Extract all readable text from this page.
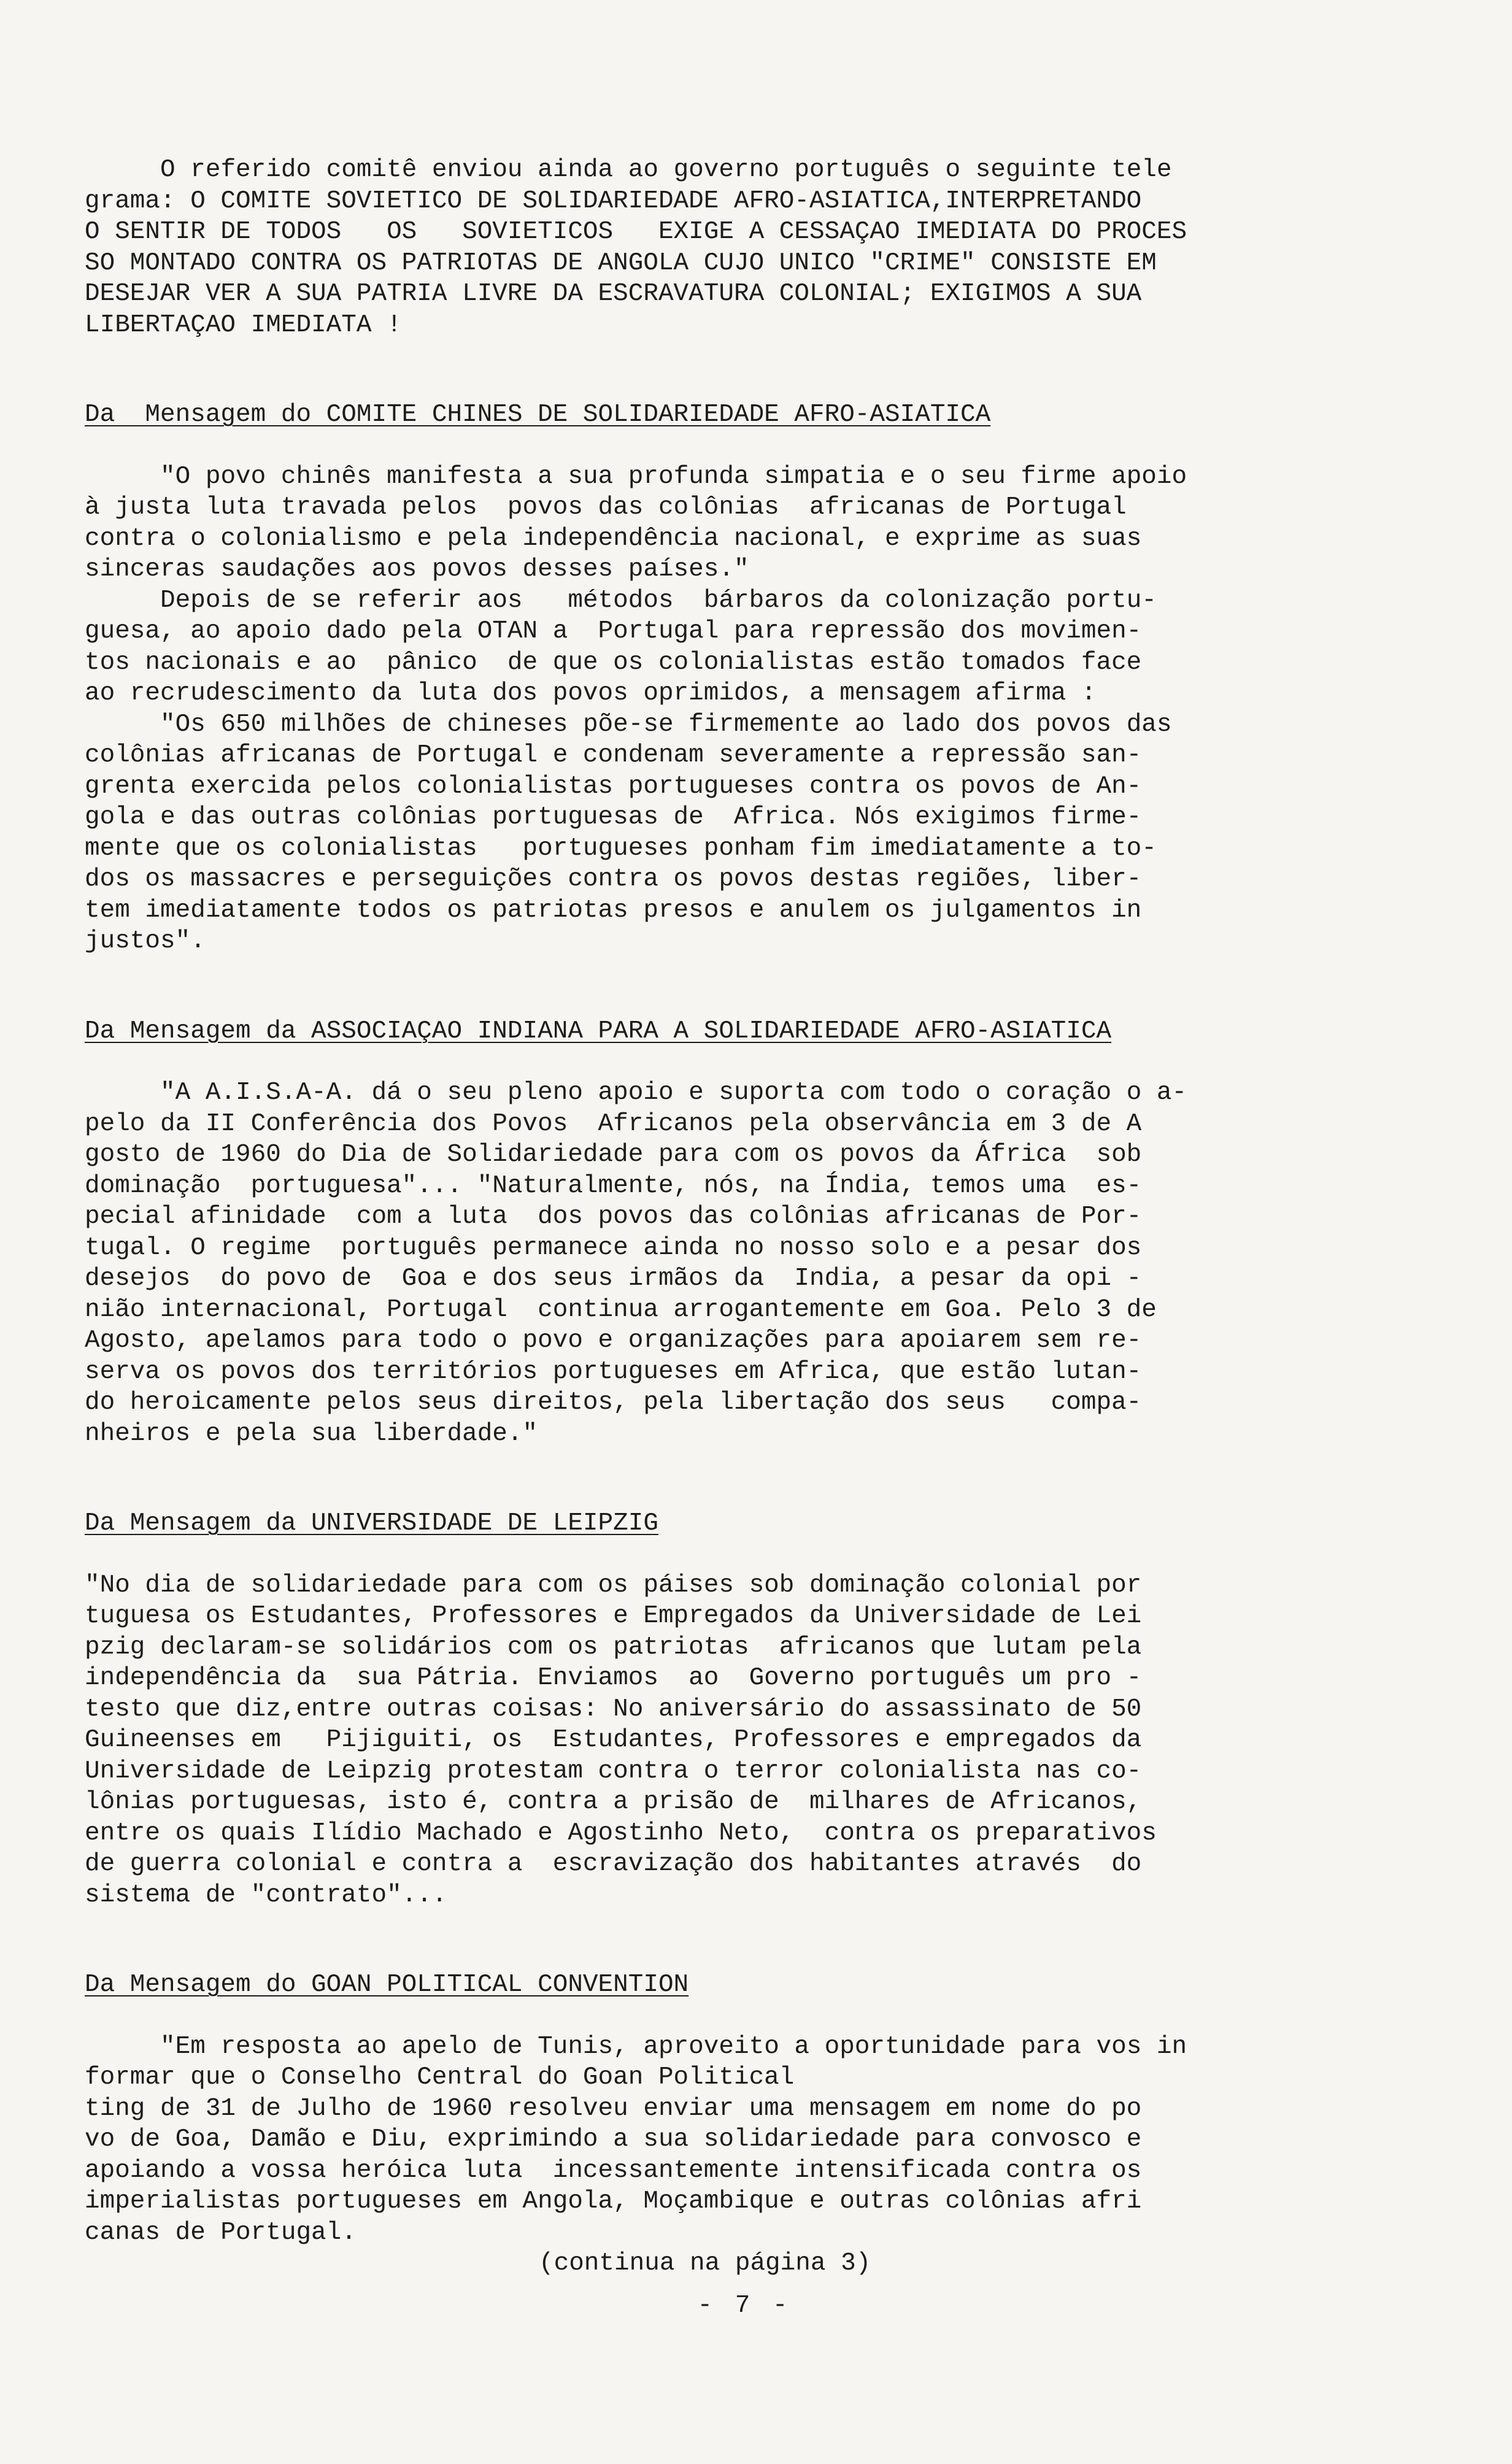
O referido comitê enviou ainda ao governo português o seguinte tele
grama: O COMITE SOVIETICO DE SOLIDARIEDADE AFRO-ASIATICA,INTERPRETANDO
O SENTIR DE TODOS   OS   SOVIETICOS   EXIGE A CESSAÇAO IMEDIATA DO PROCES
SO MONTADO CONTRA OS PATRIOTAS DE ANGOLA CUJO UNICO "CRIME" CONSISTE EM
DESEJAR VER A SUA PATRIA LIVRE DA ESCRAVATURA COLONIAL; EXIGIMOS A SUA
LIBERTAÇAO IMEDIATA !

Da  Mensagem do COMITE CHINES DE SOLIDARIEDADE AFRO-ASIATICA

"O povo chinês manifesta a sua profunda simpatia e o seu firme apoio
à justa luta travada pelos  povos das colônias  africanas de Portugal
contra o colonialismo e pela independência nacional, e exprime as suas
sinceras saudações aos povos desses países."
Depois de se referir aos   métodos  bárbaros da colonização portu-
guesa, ao apoio dado pela OTAN a  Portugal para repressão dos movimen-
tos nacionais e ao  pânico  de que os colonialistas estão tomados face
ao recrudescimento da luta dos povos oprimidos, a mensagem afirma :
"Os 650 milhões de chineses põe-se firmemente ao lado dos povos das
colônias africanas de Portugal e condenam severamente a repressão san-
grenta exercida pelos colonialistas portugueses contra os povos de An-
gola e das outras colônias portuguesas de  Africa. Nós exigimos firme-
mente que os colonialistas   portugueses ponham fim imediatamente a to-
dos os massacres e perseguições contra os povos destas regiões, liber-
tem imediatamente todos os patriotas presos e anulem os julgamentos in
justos".

Da Mensagem da ASSOCIAÇAO INDIANA PARA A SOLIDARIEDADE AFRO-ASIATICA

"A A.I.S.A-A. dá o seu pleno apoio e suporta com todo o coração o a-
pelo da II Conferência dos Povos  Africanos pela observância em 3 de A
gosto de 1960 do Dia de Solidariedade para com os povos da África  sob
dominação  portuguesa"... "Naturalmente, nós, na Índia, temos uma  es-
pecial afinidade  com a luta  dos povos das colônias africanas de Por-
tugal. O regime  português permanece ainda no nosso solo e a pesar dos
desejos  do povo de  Goa e dos seus irmãos da  India, a pesar da opi -
nião internacional, Portugal  continua arrogantemente em Goa. Pelo 3 de
Agosto, apelamos para todo o povo e organizações para apoiarem sem re-
serva os povos dos territórios portugueses em Africa, que estão lutan-
do heroicamente pelos seus direitos, pela libertação dos seus   compa-
nheiros e pela sua liberdade."

Da Mensagem da UNIVERSIDADE DE LEIPZIG

"No dia de solidariedade para com os páises sob dominação colonial por
tuguesa os Estudantes, Professores e Empregados da Universidade de Lei
pzig declaram-se solidários com os patriotas  africanos que lutam pela
independência da  sua Pátria. Enviamos  ao  Governo português um pro -
testo que diz,entre outras coisas: No aniversário do assassinato de 50
Guineenses em   Pijiguiti, os  Estudantes, Professores e empregados da
Universidade de Leipzig protestam contra o terror colonialista nas co-
lônias portuguesas, isto é, contra a prisão de  milhares de Africanos,
entre os quais Ilídio Machado e Agostinho Neto,  contra os preparativos
de guerra colonial e contra a  escravização dos habitantes através  do
sistema de "contrato"...

Da Mensagem do GOAN POLITICAL CONVENTION

"Em resposta ao apelo de Tunis, aproveito a oportunidade para vos in
formar que o Conselho Central do Goan Political
ting de 31 de Julho de 1960 resolveu enviar uma mensagem em nome do po
vo de Goa, Damão e Diu, exprimindo a sua solidariedade para convosco e
apoiando a vossa heróica luta  incessantemente intensificada contra os
imperialistas portugueses em Angola, Moçambique e outras colônias afri
canas de Portugal.

(continua na página 3)

- 7 -
